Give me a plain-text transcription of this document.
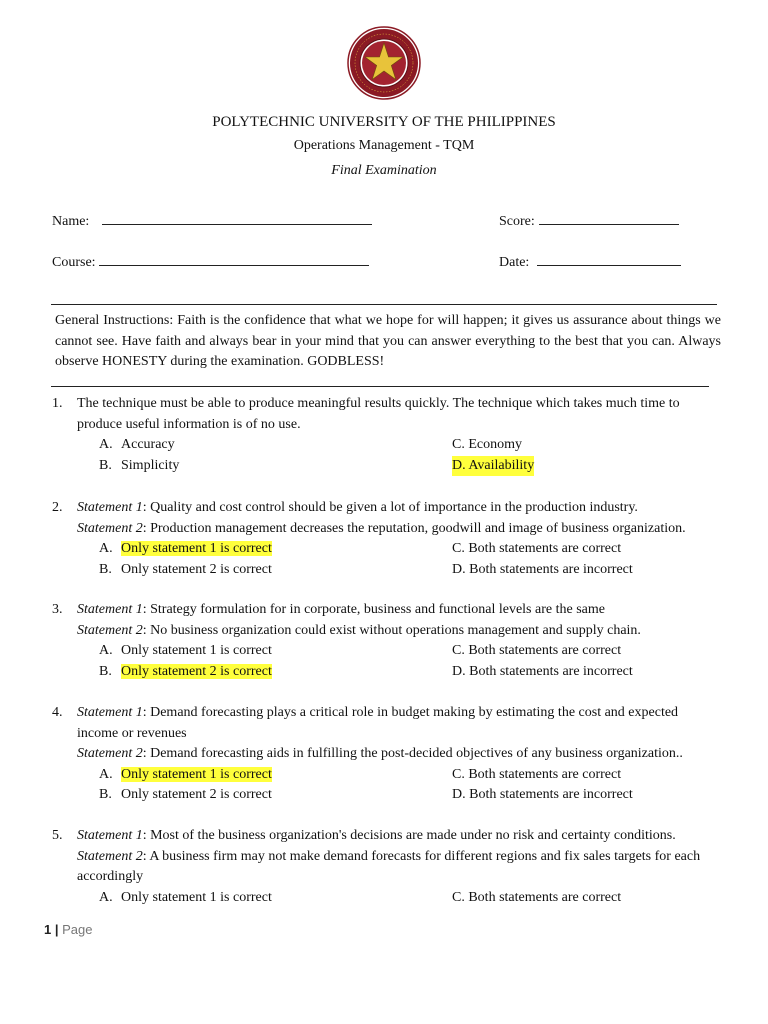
POLYTECHNIC UNIVERSITY OF THE PHILIPPINES
Operations Management - TQM
Final Examination
Name:	Score:
Course:	Date:
General Instructions: Faith is the confidence that what we hope for will happen; it gives us assurance about things we cannot see. Have faith and always bear in your mind that you can answer everything to the best that you can. Always observe HONESTY during the examination. GODBLESS!
1. The technique must be able to produce meaningful results quickly. The technique which takes much time to produce useful information is of no use.
A. Accuracy
B. Simplicity
C. Economy
D. Availability
2. Statement 1: Quality and cost control should be given a lot of importance in the production industry.
Statement 2: Production management decreases the reputation, goodwill and image of business organization.
A. Only statement 1 is correct
B. Only statement 2 is correct
C. Both statements are correct
D. Both statements are incorrect
3. Statement 1: Strategy formulation for in corporate, business and functional levels are the same
Statement 2: No business organization could exist without operations management and supply chain.
A. Only statement 1 is correct
B. Only statement 2 is correct
C. Both statements are correct
D. Both statements are incorrect
4. Statement 1: Demand forecasting plays a critical role in budget making by estimating the cost and expected income or revenues
Statement 2: Demand forecasting aids in fulfilling the post-decided objectives of any business organization..
A. Only statement 1 is correct
B. Only statement 2 is correct
C. Both statements are correct
D. Both statements are incorrect
5. Statement 1: Most of the business organization's decisions are made under no risk and certainty conditions.
Statement 2: A business firm may not make demand forecasts for different regions and fix sales targets for each accordingly
A. Only statement 1 is correct	C. Both statements are correct
1 | Page
